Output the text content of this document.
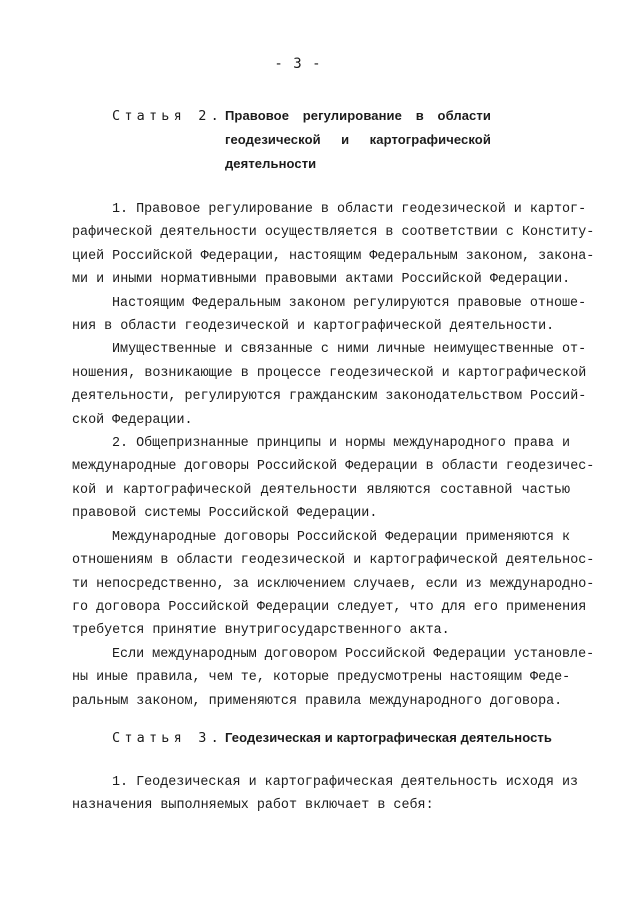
- 3 -
Статья 2. Правовое регулирование в области
геодезической и картографической
деятельности
1. Правовое регулирование в области геодезической и картог-
рафической деятельности осуществляется в соответствии с Конститу-
цией Российской Федерации, настоящим Федеральным законом, законa-
ми и иными нормативными правовыми актами Российской Федерации.
Настоящим Федеральным законом регулируются правовые отноше-
ния в области геодезической и картографической деятельности.
Имущественные и связанные с ними личные неимущественные от-
ношения, возникающие в процессе геодезической и картографической
деятельности, регулируются гражданским законодательством Россий-
ской Федерации.
2. Общепризнанные принципы и нормы международного права и
международные договоры Российской Федерации в области геодезичес-
кой и картографической деятельности являются составной частью
правовой системы Российской Федерации.
Международные договоры Российской Федерации применяются к
отношениям в области геодезической и картографической деятельнос-
ти непосредственно, за исключением случаев, если из международно-
го договора Российской Федерации следует, что для его применения
требуется принятие внутригосударственного акта.
Если международным договором Российской Федерации установле-
ны иные правила, чем те, которые предусмотрены настоящим Феде-
ральным законом, применяются правила международного договора.
Статья 3. Геодезическая и картографическая деятельность
1. Геодезическая и картографическая деятельность исходя из
назначения выполняемых работ включает в себя:
